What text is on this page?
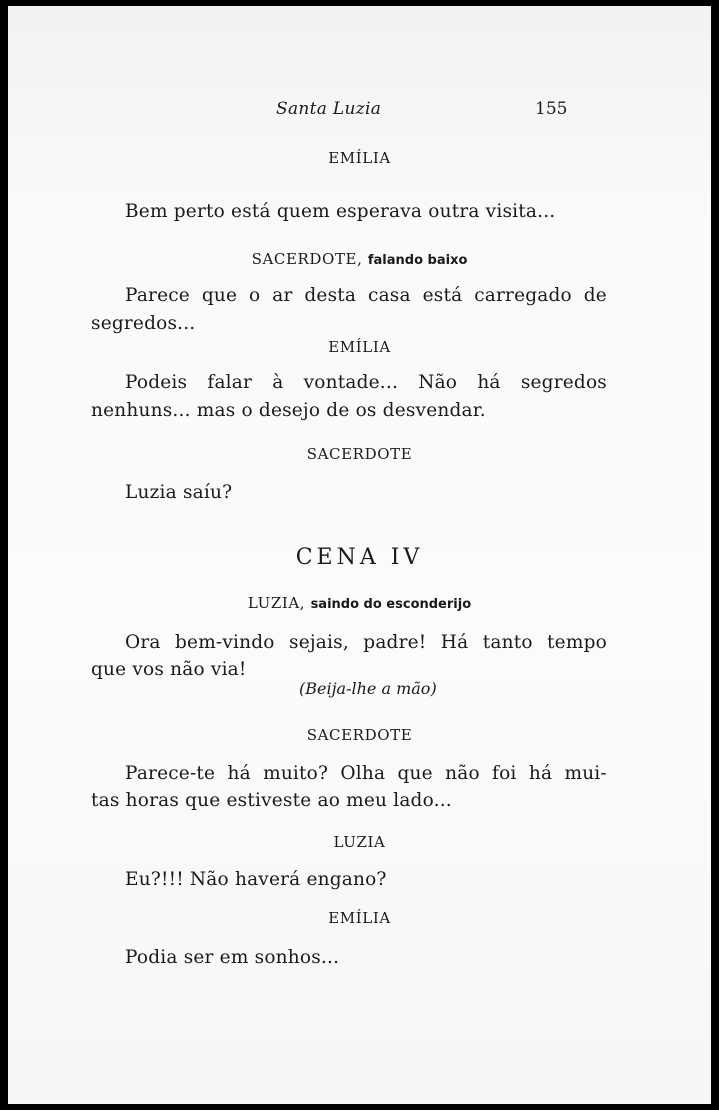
Santa Luzia	155
EMÍLIA
Bem perto está quem esperava outra visita...
SACERDOTE, falando baixo
Parece que o ar desta casa está carregado de
segredos...
EMÍLIA
Podeis falar à vontade... Não há segredos
nenhuns... mas o desejo de os desvendar.
SACERDOTE
Luzia saíu?
CENA IV
LUZIA, saindo do esconderijo
Ora bem-vindo sejais, padre! Há tanto tempo
que vos não via!
(Beija-lhe a mão)
SACERDOTE
Parece-te há muito? Olha que não foi há mui-
tas horas que estiveste ao meu lado...
LUZIA
Eu?!!! Não haverá engano?
EMÍLIA
Podia ser em sonhos...
